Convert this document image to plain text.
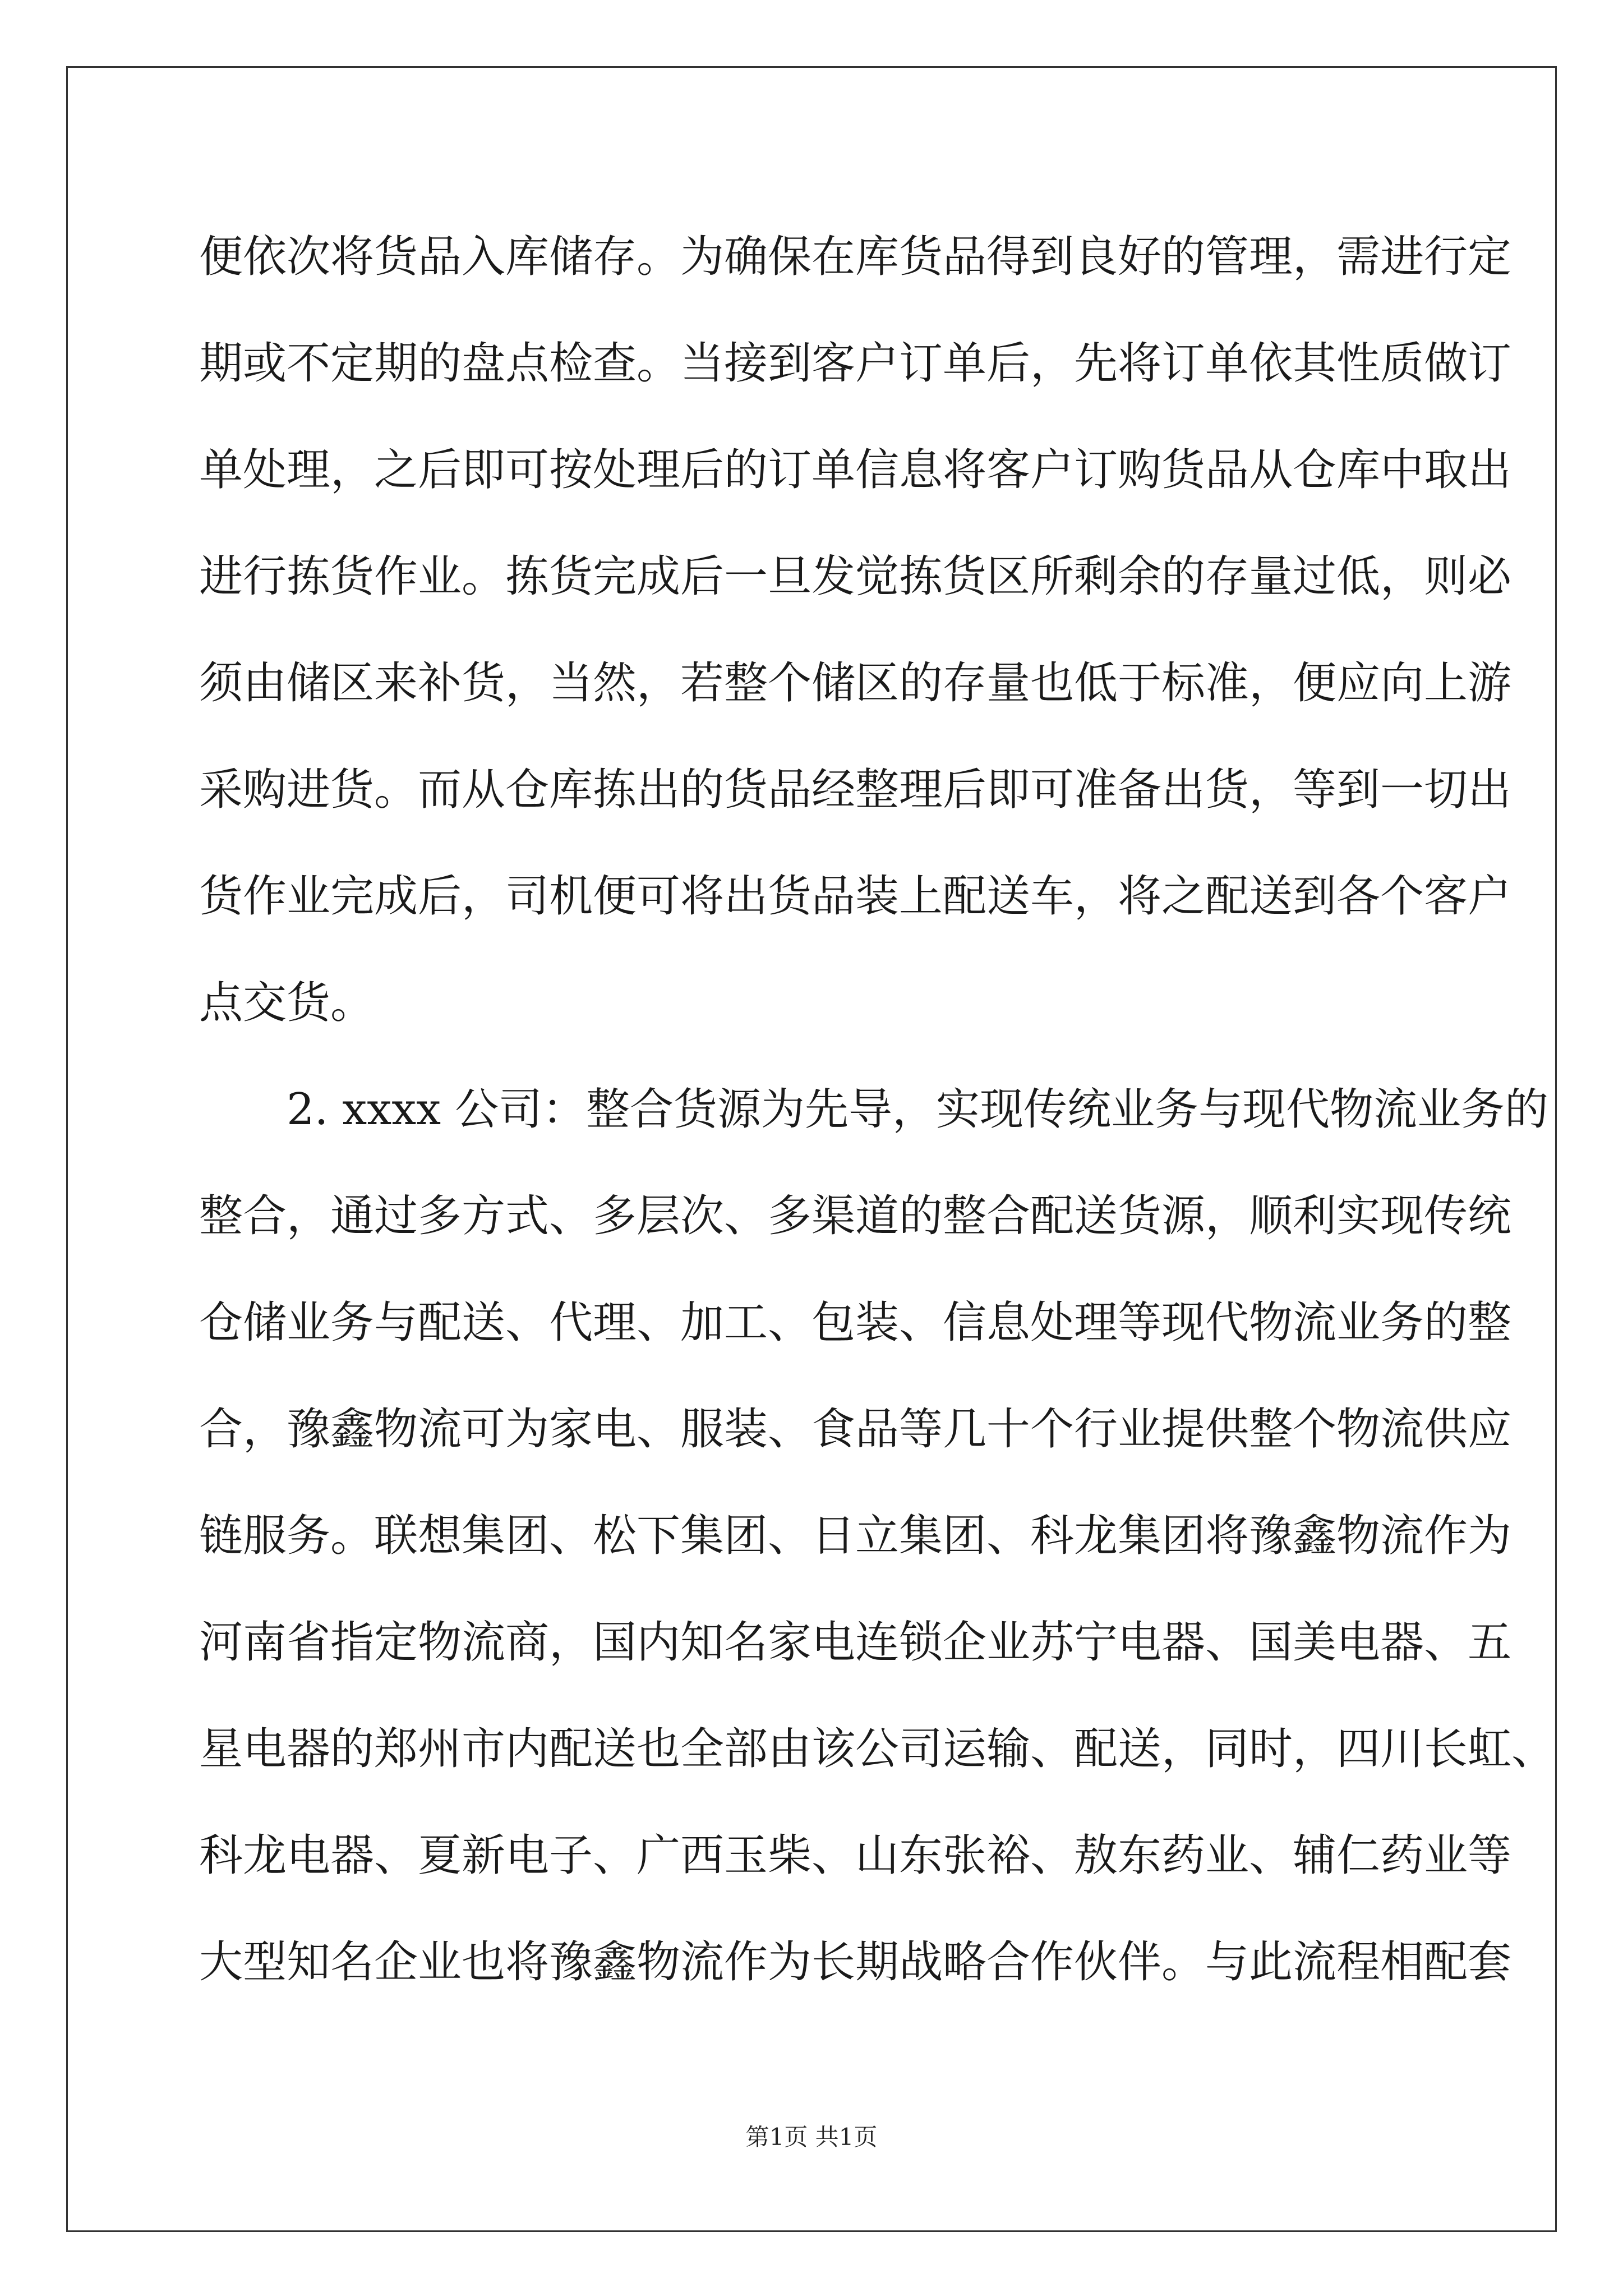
便依次将货品入库储存。为确保在库货品得到良好的管理，需进行定
期或不定期的盘点检查。当接到客户订单后，先将订单依其性质做订
单处理，之后即可按处理后的订单信息将客户订购货品从仓库中取出
进行拣货作业。拣货完成后一旦发觉拣货区所剩余的存量过低，则必
须由储区来补货，当然，若整个储区的存量也低于标准，便应向上游
采购进货。而从仓库拣出的货品经整理后即可准备出货，等到一切出
货作业完成后，司机便可将出货品装上配送车，将之配送到各个客户
点交货。
2. xxxx 公司：整合货源为先导，实现传统业务与现代物流业务的
整合，通过多方式、多层次、多渠道的整合配送货源，顺利实现传统
仓储业务与配送、代理、加工、包装、信息处理等现代物流业务的整
合，豫鑫物流可为家电、服装、食品等几十个行业提供整个物流供应
链服务。联想集团、松下集团、日立集团、科龙集团将豫鑫物流作为
河南省指定物流商，国内知名家电连锁企业苏宁电器、国美电器、五
星电器的郑州市内配送也全部由该公司运输、配送，同时，四川长虹、
科龙电器、夏新电子、广西玉柴、山东张裕、敖东药业、辅仁药业等
大型知名企业也将豫鑫物流作为长期战略合作伙伴。与此流程相配套
第1页 共1页
